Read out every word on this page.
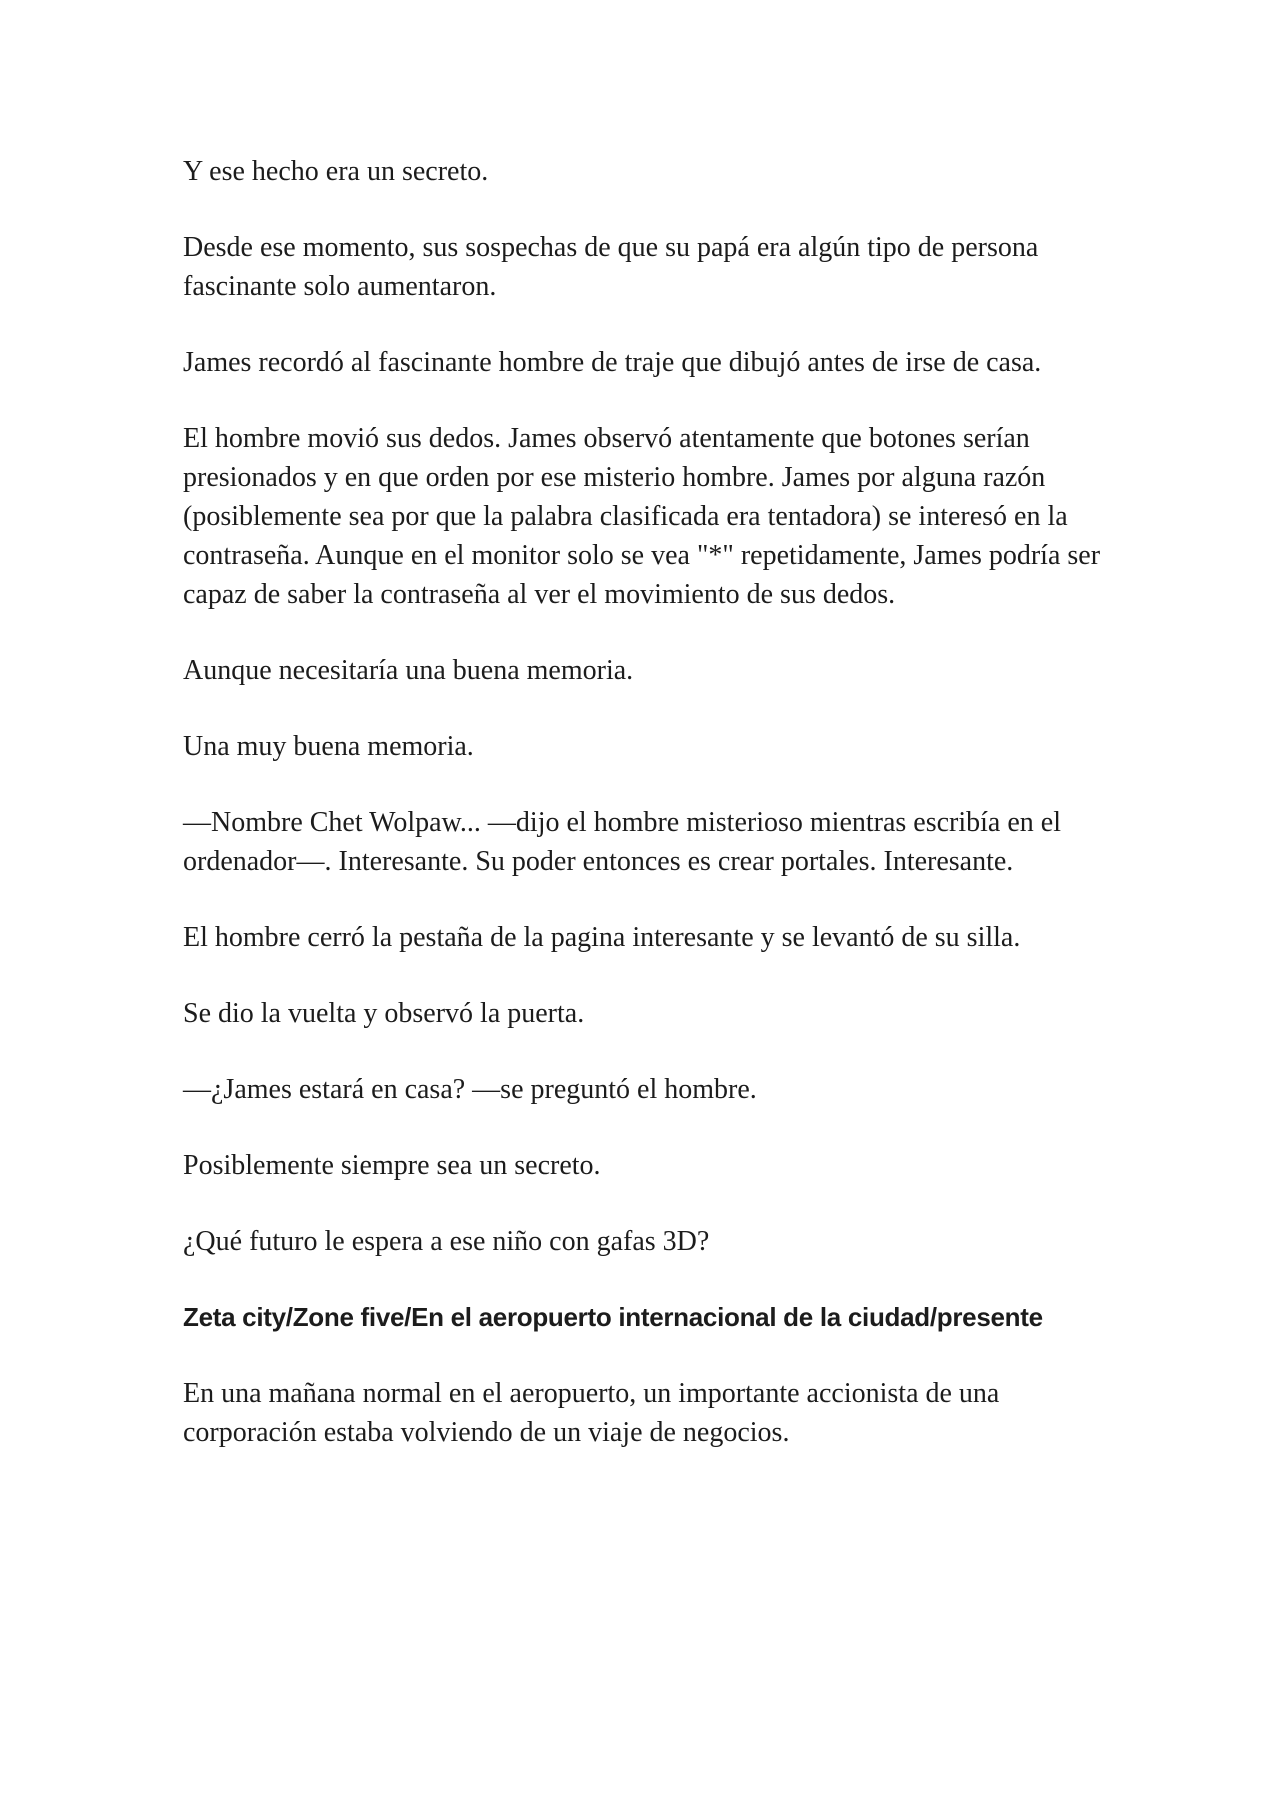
Y ese hecho era un secreto.

Desde ese momento, sus sospechas de que su papá era algún tipo de persona fascinante solo aumentaron.

James recordó al fascinante hombre de traje que dibujó antes de irse de casa.

El hombre movió sus dedos. James observó atentamente que botones serían presionados y en que orden por ese misterio hombre. James por alguna razón (posiblemente sea por que la palabra clasificada era tentadora) se interesó en la contraseña. Aunque en el monitor solo se vea "*" repetidamente, James podría ser capaz de saber la contraseña al ver el movimiento de sus dedos.

Aunque necesitaría una buena memoria.

Una muy buena memoria.

—Nombre Chet Wolpaw... —dijo el hombre misterioso mientras escribía en el ordenador—. Interesante. Su poder entonces es crear portales. Interesante.

El hombre cerró la pestaña de la pagina interesante y se levantó de su silla.

Se dio la vuelta y observó la puerta.

—¿James estará en casa? —se preguntó el hombre.

Posiblemente siempre sea un secreto.

¿Qué futuro le espera a ese niño con gafas 3D?

Zeta city/Zone five/En el aeropuerto internacional de la ciudad/presente

En una mañana normal en el aeropuerto, un importante accionista de una corporación estaba volviendo de un viaje de negocios.
